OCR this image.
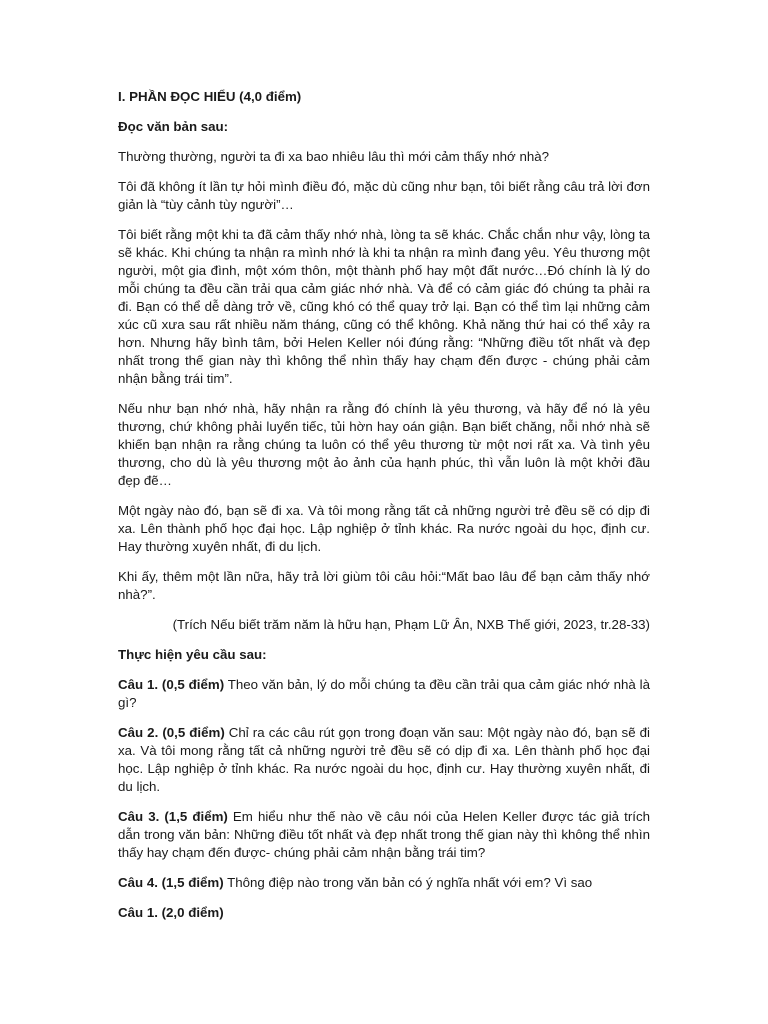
I. PHẦN ĐỌC HIỂU (4,0 điểm)

Đọc văn bản sau:

Thường thường, người ta đi xa bao nhiêu lâu thì mới cảm thấy nhớ nhà?

Tôi đã không ít lần tự hỏi mình điều đó, mặc dù cũng như bạn, tôi biết rằng câu trả lời đơn giản là “tùy cảnh tùy người”…

Tôi biết rằng một khi ta đã cảm thấy nhớ nhà, lòng ta sẽ khác. Chắc chắn như vậy, lòng ta sẽ khác. Khi chúng ta nhận ra mình nhớ là khi ta nhận ra mình đang yêu. Yêu thương một người, một gia đình, một xóm thôn, một thành phố hay một đất nước…Đó chính là lý do mỗi chúng ta đều cần trải qua cảm giác nhớ nhà. Và để có cảm giác đó chúng ta phải ra đi. Bạn có thể dễ dàng trở về, cũng khó có thể quay trở lại. Bạn có thể tìm lại những cảm xúc cũ xưa sau rất nhiều năm tháng, cũng có thể không. Khả năng thứ hai có thể xảy ra hơn. Nhưng hãy bình tâm, bởi Helen Keller nói đúng rằng: “Những điều tốt nhất và đẹp nhất trong thế gian này thì không thể nhìn thấy hay chạm đến được - chúng phải cảm nhận bằng trái tim”.

Nếu như bạn nhớ nhà, hãy nhận ra rằng đó chính là yêu thương, và hãy để nó là yêu thương, chứ không phải luyến tiếc, tủi hờn hay oán giận. Bạn biết chăng, nỗi nhớ nhà sẽ khiến bạn nhận ra rằng chúng ta luôn có thể yêu thương từ một nơi rất xa. Và tình yêu thương, cho dù là yêu thương một ảo ảnh của hạnh phúc, thì vẫn luôn là một khởi đầu đẹp đẽ…

Một ngày nào đó, bạn sẽ đi xa. Và tôi mong rằng tất cả những người trẻ đều sẽ có dịp đi xa. Lên thành phố học đại học. Lập nghiệp ở tỉnh khác. Ra nước ngoài du học, định cư. Hay thường xuyên nhất, đi du lịch.

Khi ấy, thêm một lần nữa, hãy trả lời giùm tôi câu hỏi:“Mất bao lâu để bạn cảm thấy nhớ nhà?”.

(Trích Nếu biết trăm năm là hữu hạn, Phạm Lữ Ân, NXB Thế giới, 2023, tr.28-33)

Thực hiện yêu cầu sau:

Câu 1. (0,5 điểm) Theo văn bản, lý do mỗi chúng ta đều cần trải qua cảm giác nhớ nhà là gì?

Câu 2. (0,5 điểm) Chỉ ra các câu rút gọn trong đoạn văn sau: Một ngày nào đó, bạn sẽ đi xa. Và tôi mong rằng tất cả những người trẻ đều sẽ có dịp đi xa. Lên thành phố học đại học. Lập nghiệp ở tỉnh khác. Ra nước ngoài du học, định cư. Hay thường xuyên nhất, đi du lịch.

Câu 3. (1,5 điểm) Em hiểu như thế nào về câu nói của Helen Keller được tác giả trích dẫn trong văn bản: Những điều tốt nhất và đẹp nhất trong thế gian này thì không thể nhìn thấy hay chạm đến được- chúng phải cảm nhận bằng trái tim?

Câu 4. (1,5 điểm) Thông điệp nào trong văn bản có ý nghĩa nhất với em? Vì sao

Câu 1. (2,0 điểm)
